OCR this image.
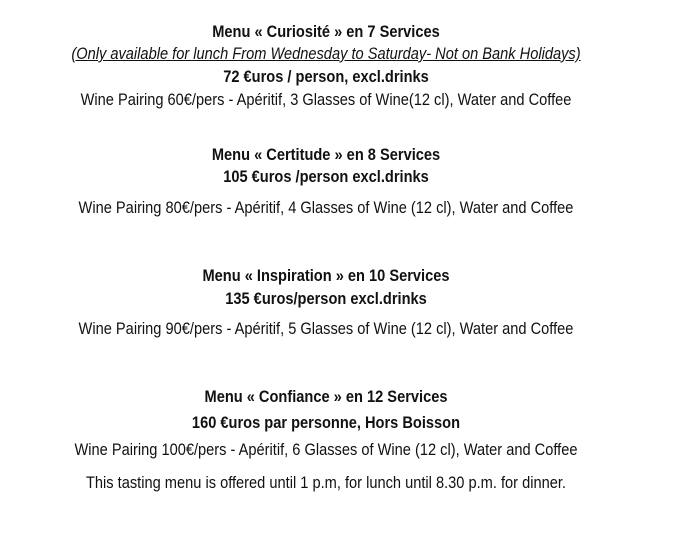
Menu « Curiosité » en 7 Services
(Only available for lunch From Wednesday to Saturday- Not on Bank Holidays)
72 €uros / person, excl.drinks
Wine Pairing 60€/pers - Apéritif, 3 Glasses of Wine(12 cl), Water and Coffee
Menu « Certitude » en 8 Services
105 €uros /person excl.drinks
Wine Pairing 80€/pers - Apéritif, 4 Glasses of Wine (12 cl), Water and Coffee
Menu « Inspiration » en 10 Services
135 €uros/person excl.drinks
Wine Pairing 90€/pers - Apéritif, 5 Glasses of Wine (12 cl), Water and Coffee
Menu « Confiance » en 12 Services
160 €uros par personne, Hors Boisson
Wine Pairing 100€/pers - Apéritif, 6 Glasses of Wine (12 cl), Water and Coffee
This tasting menu is offered until 1 p.m, for lunch until 8.30 p.m. for dinner.
